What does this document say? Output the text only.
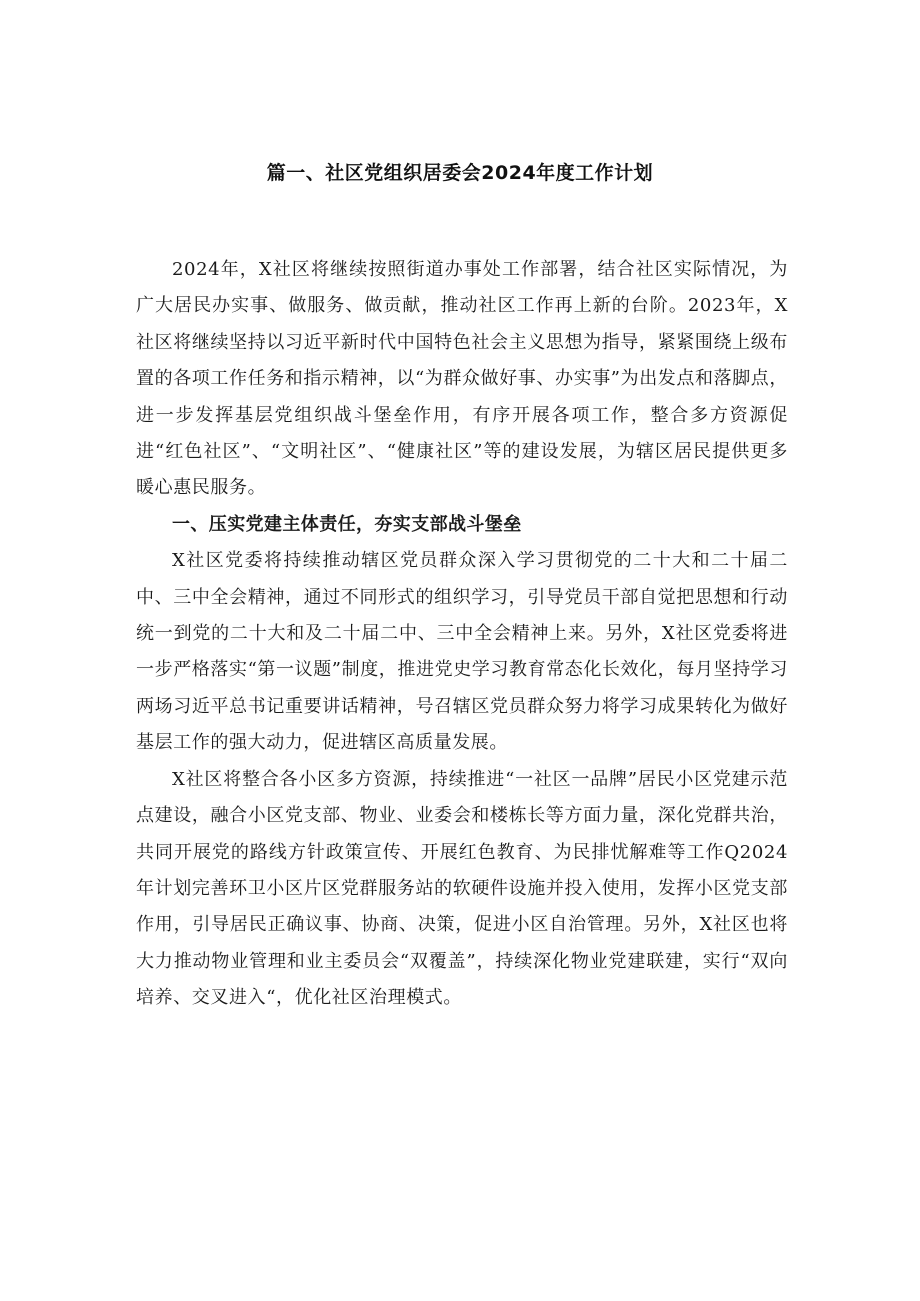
篇一、社区党组织居委会2024年度工作计划

2024年，X社区将继续按照街道办事处工作部署，结合社区实际情况，为广大居民办实事、做服务、做贡献，推动社区工作再上新的台阶。2023年，X社区将继续坚持以习近平新时代中国特色社会主义思想为指导，紧紧围绕上级布置的各项工作任务和指示精神，以“为群众做好事、办实事”为出发点和落脚点，进一步发挥基层党组织战斗堡垒作用，有序开展各项工作，整合多方资源促进“红色社区”、“文明社区”、“健康社区”等的建设发展，为辖区居民提供更多暖心惠民服务。

一、压实党建主体责任，夯实支部战斗堡垒

X社区党委将持续推动辖区党员群众深入学习贯彻党的二十大和二十届二中、三中全会精神，通过不同形式的组织学习，引导党员干部自觉把思想和行动统一到党的二十大和及二十届二中、三中全会精神上来。另外，X社区党委将进一步严格落实“第一议题”制度，推进党史学习教育常态化长效化，每月坚持学习两场习近平总书记重要讲话精神，号召辖区党员群众努力将学习成果转化为做好基层工作的强大动力，促进辖区高质量发展。

X社区将整合各小区多方资源，持续推进“一社区一品牌”居民小区党建示范点建设，融合小区党支部、物业、业委会和楼栋长等方面力量，深化党群共治，共同开展党的路线方针政策宣传、开展红色教育、为民排忧解难等工作Q2024年计划完善环卫小区片区党群服务站的软硬件设施并投入使用，发挥小区党支部作用，引导居民正确议事、协商、决策，促进小区自治管理。另外，X社区也将大力推动物业管理和业主委员会“双覆盖”，持续深化物业党建联建，实行“双向培养、交叉进入“，优化社区治理模式。
